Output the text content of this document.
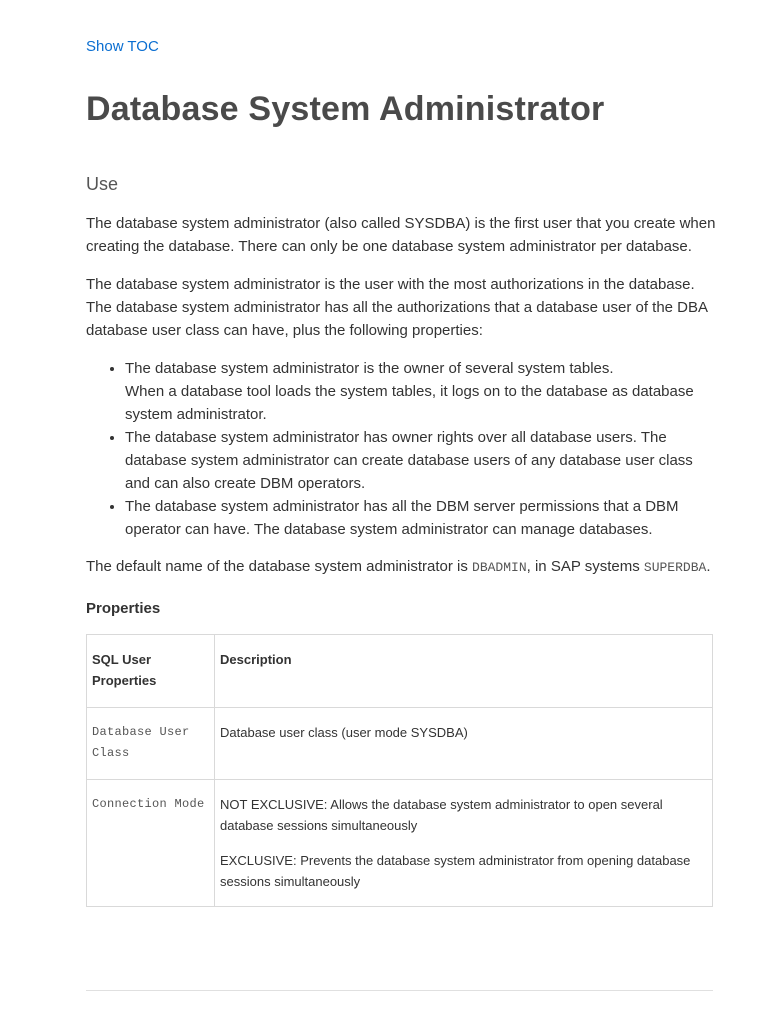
Show TOC
Database System Administrator
Use

The database system administrator (also called SYSDBA) is the first user that you create when creating the database. There can only be one database system administrator per database.

The database system administrator is the user with the most authorizations in the database. The database system administrator has all the authorizations that a database user of the DBA database user class can have, plus the following properties:

• The database system administrator is the owner of several system tables.
When a database tool loads the system tables, it logs on to the database as database system administrator.
• The database system administrator has owner rights over all database users. The database system administrator can create database users of any database user class and can also create DBM operators.
• The database system administrator has all the DBM server permissions that a DBM operator can have. The database system administrator can manage databases.

The default name of the database system administrator is DBADMIN, in SAP systems SUPERDBA.

Properties
SQL User Properties	Description
Database User Class	Database user class (user mode SYSDBA)

Connection Mode	NOT EXCLUSIVE: Allows the database system administrator to open several database sessions simultaneously

EXCLUSIVE: Prevents the database system administrator from opening database sessions simultaneously
